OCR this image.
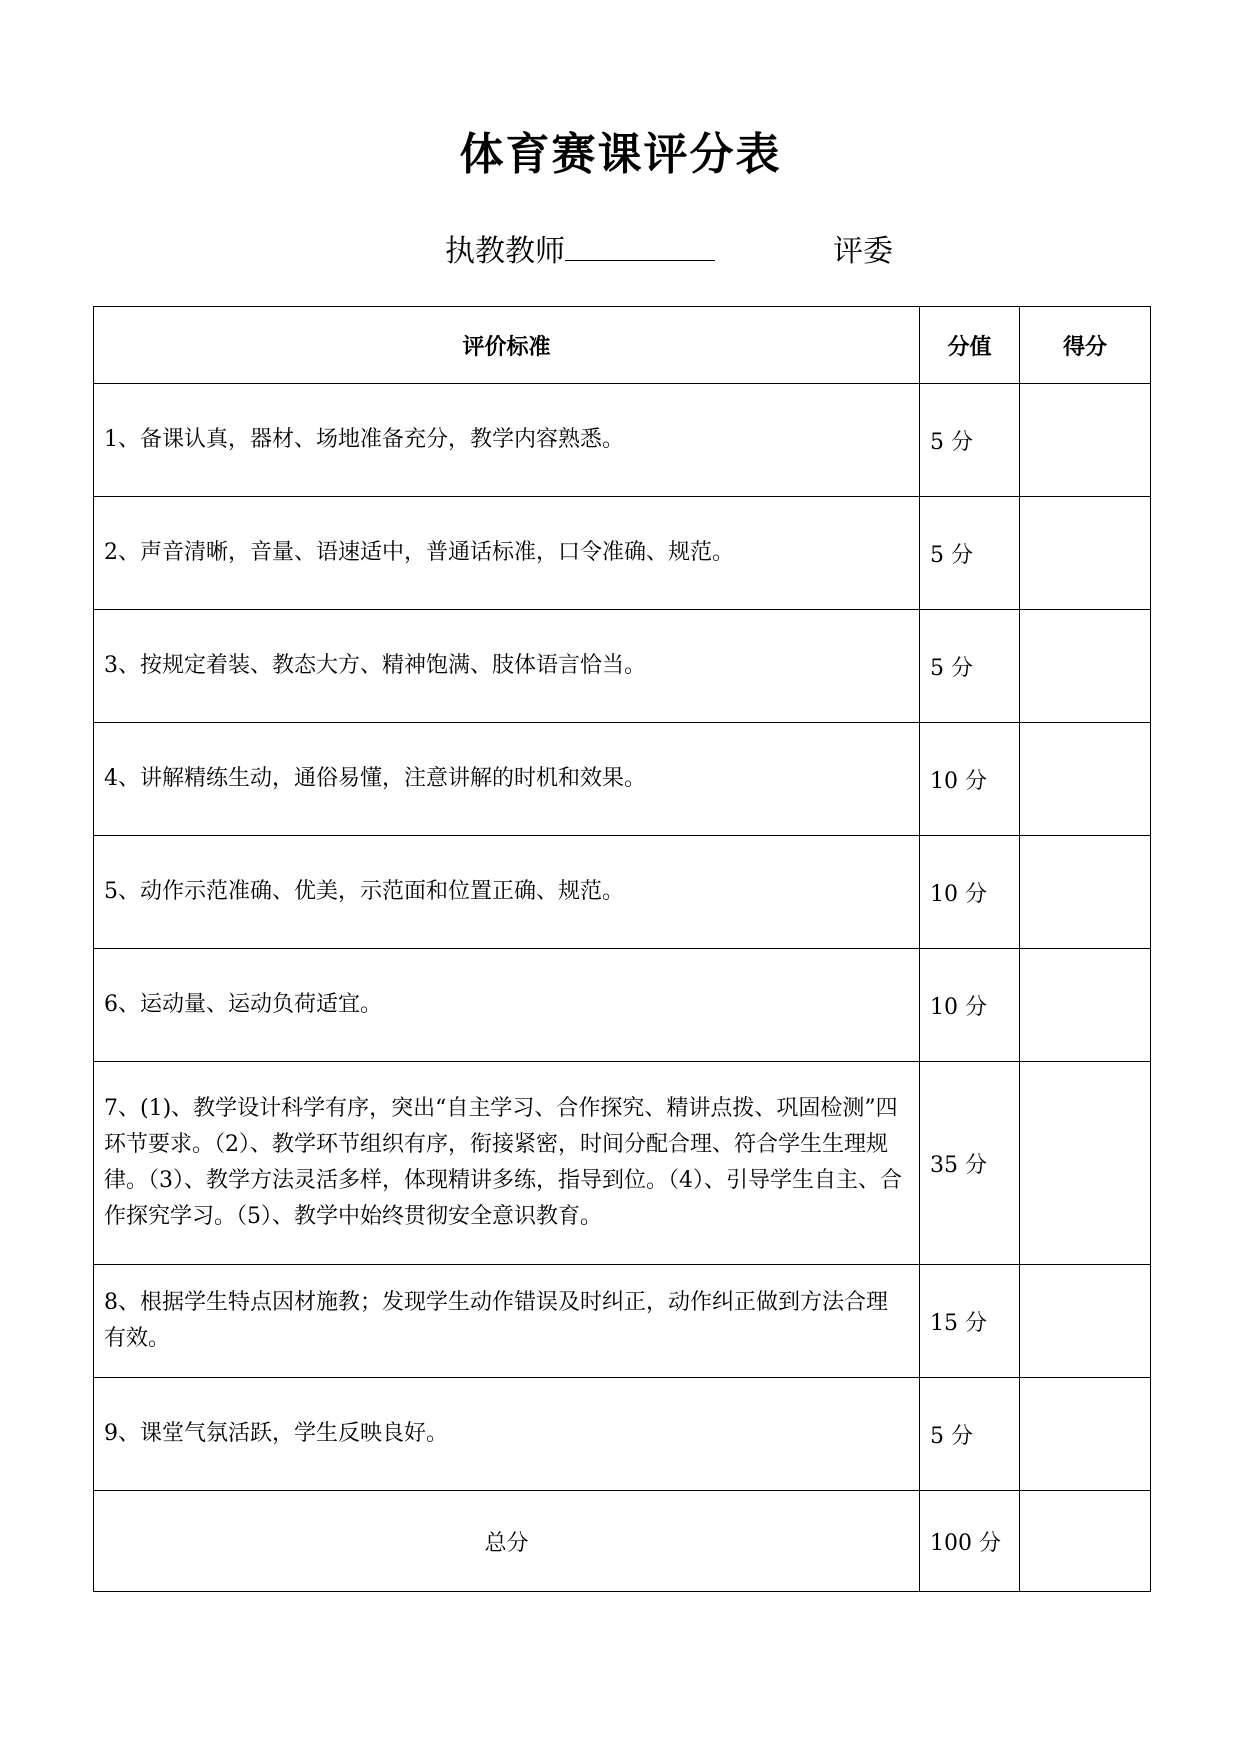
体育赛课评分表
执教教师	评委
评价标准	分值	得分
1、备课认真，器材、场地准备充分，教学内容熟悉。	5 分	
2、声音清晰，音量、语速适中，普通话标准，口令准确、规范。	5 分	
3、按规定着装、教态大方、精神饱满、肢体语言恰当。	5 分	
4、讲解精练生动，通俗易懂，注意讲解的时机和效果。	10 分	
5、动作示范准确、优美，示范面和位置正确、规范。	10 分	
6、运动量、运动负荷适宜。	10 分	
7、(1)、教学设计科学有序，突出“自主学习、合作探究、精讲点拨、巩固检测”四环节要求。（2）、教学环节组织有序，衔接紧密，时间分配合理、符合学生生理规律。（3）、教学方法灵活多样，体现精讲多练，指导到位。（4）、引导学生自主、合作探究学习。（5）、教学中始终贯彻安全意识教育。	35 分	
8、根据学生特点因材施教；发现学生动作错误及时纠正，动作纠正做到方法合理有效。	15 分	
9、课堂气氛活跃，学生反映良好。	5 分	
总分	100 分	
